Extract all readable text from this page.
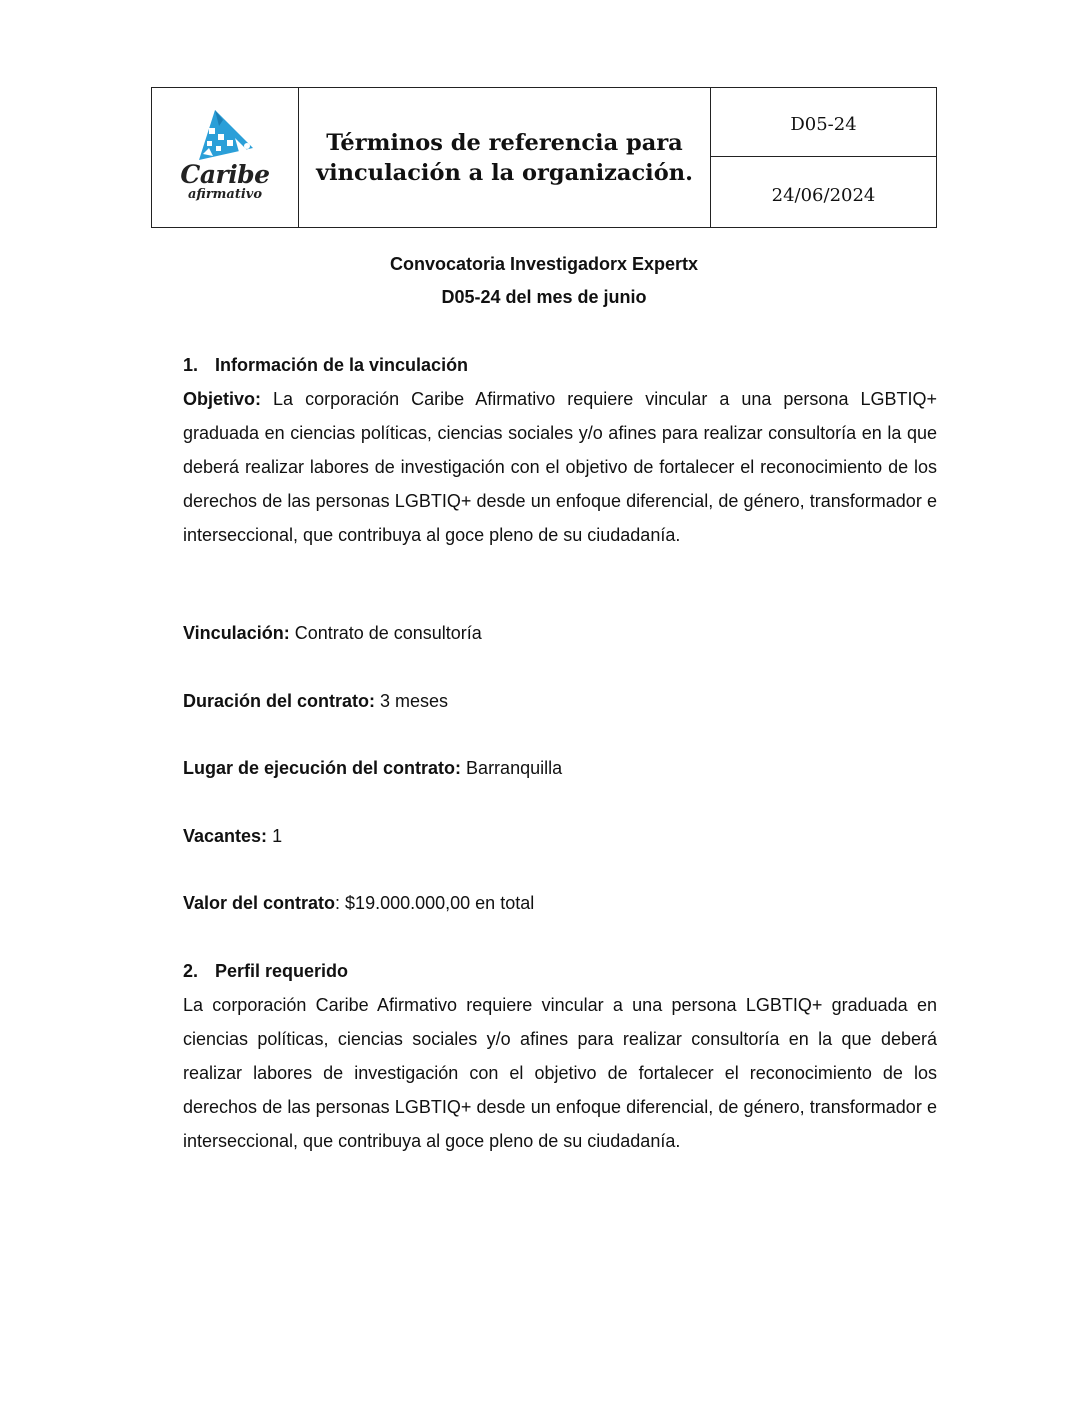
Caribe
afirmativo
Términos de referencia para
vinculación a la organización.
D05-24
24/06/2024
Convocatoria Investigadorx Expertx
D05-24 del mes de junio
1. Información de la vinculación

Objetivo: La corporación Caribe Afirmativo requiere vincular a una persona LGBTIQ+ graduada en ciencias políticas, ciencias sociales y/o afines para realizar consultoría en la que deberá realizar labores de investigación con el objetivo de fortalecer el reconocimiento de los derechos de las personas LGBTIQ+ desde un enfoque diferencial, de género, transformador e interseccional, que contribuya al goce pleno de su ciudadanía.

Vinculación: Contrato de consultoría
Duración del contrato: 3 meses
Lugar de ejecución del contrato: Barranquilla
Vacantes: 1
Valor del contrato: $19.000.000,00 en total
2. Perfil requerido

La corporación Caribe Afirmativo requiere vincular a una persona LGBTIQ+ graduada en ciencias políticas, ciencias sociales y/o afines para realizar consultoría en la que deberá realizar labores de investigación con el objetivo de fortalecer el reconocimiento de los derechos de las personas LGBTIQ+ desde un enfoque diferencial, de género, transformador e interseccional, que contribuya al goce pleno de su ciudadanía.
